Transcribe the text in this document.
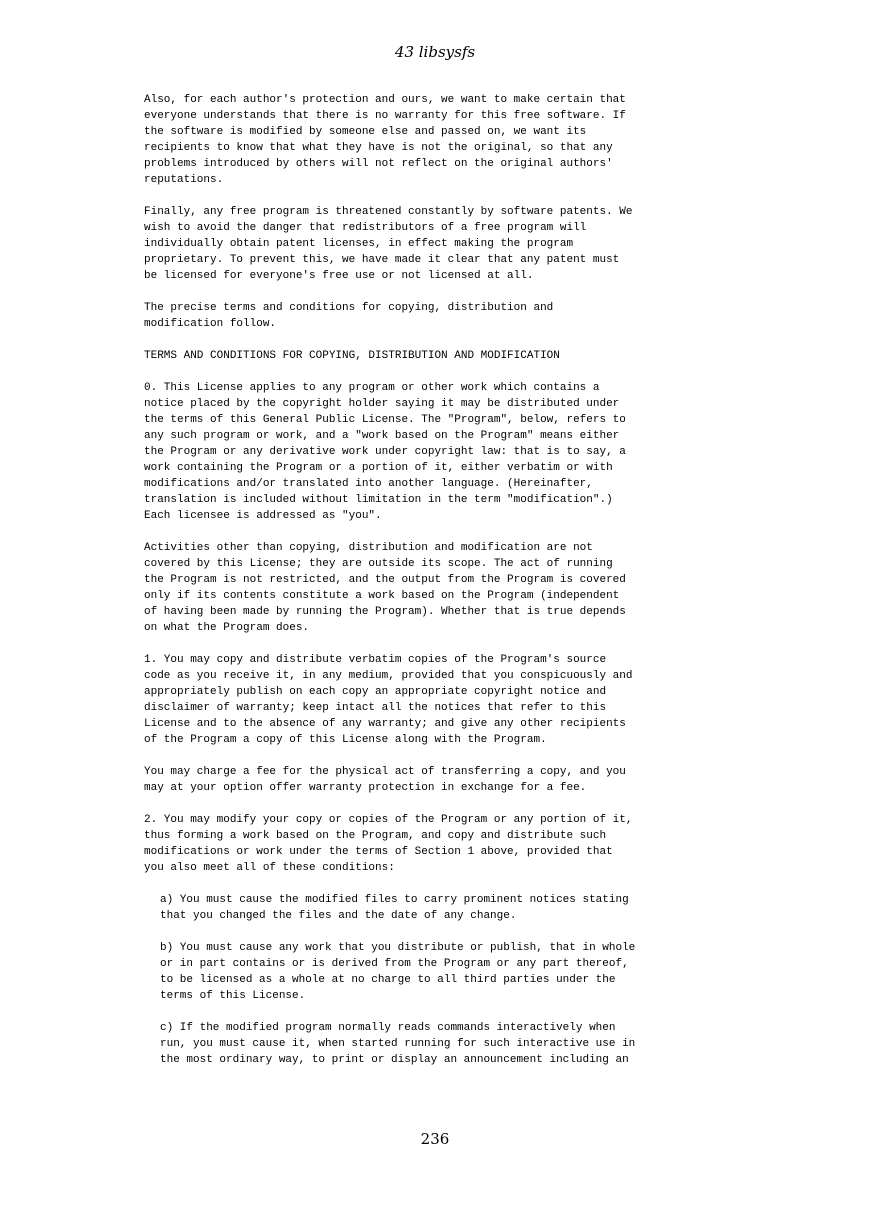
43 libsysfs
Also, for each author's protection and ours, we want to make certain that
everyone understands that there is no warranty for this free software. If
the software is modified by someone else and passed on, we want its
recipients to know that what they have is not the original, so that any
problems introduced by others will not reflect on the original authors'
reputations.
Finally, any free program is threatened constantly by software patents. We
wish to avoid the danger that redistributors of a free program will
individually obtain patent licenses, in effect making the program
proprietary. To prevent this, we have made it clear that any patent must
be licensed for everyone's free use or not licensed at all.
The precise terms and conditions for copying, distribution and
modification follow.
TERMS AND CONDITIONS FOR COPYING, DISTRIBUTION AND MODIFICATION
0. This License applies to any program or other work which contains a
notice placed by the copyright holder saying it may be distributed under
the terms of this General Public License. The "Program", below, refers to
any such program or work, and a "work based on the Program" means either
the Program or any derivative work under copyright law: that is to say, a
work containing the Program or a portion of it, either verbatim or with
modifications and/or translated into another language. (Hereinafter,
translation is included without limitation in the term "modification".)
Each licensee is addressed as "you".
Activities other than copying, distribution and modification are not
covered by this License; they are outside its scope. The act of running
the Program is not restricted, and the output from the Program is covered
only if its contents constitute a work based on the Program (independent
of having been made by running the Program). Whether that is true depends
on what the Program does.
1. You may copy and distribute verbatim copies of the Program's source
code as you receive it, in any medium, provided that you conspicuously and
appropriately publish on each copy an appropriate copyright notice and
disclaimer of warranty; keep intact all the notices that refer to this
License and to the absence of any warranty; and give any other recipients
of the Program a copy of this License along with the Program.
You may charge a fee for the physical act of transferring a copy, and you
may at your option offer warranty protection in exchange for a fee.
2. You may modify your copy or copies of the Program or any portion of it,
thus forming a work based on the Program, and copy and distribute such
modifications or work under the terms of Section 1 above, provided that
you also meet all of these conditions:
a) You must cause the modified files to carry prominent notices stating
that you changed the files and the date of any change.
b) You must cause any work that you distribute or publish, that in whole
or in part contains or is derived from the Program or any part thereof,
to be licensed as a whole at no charge to all third parties under the
terms of this License.
c) If the modified program normally reads commands interactively when
run, you must cause it, when started running for such interactive use in
the most ordinary way, to print or display an announcement including an
236
